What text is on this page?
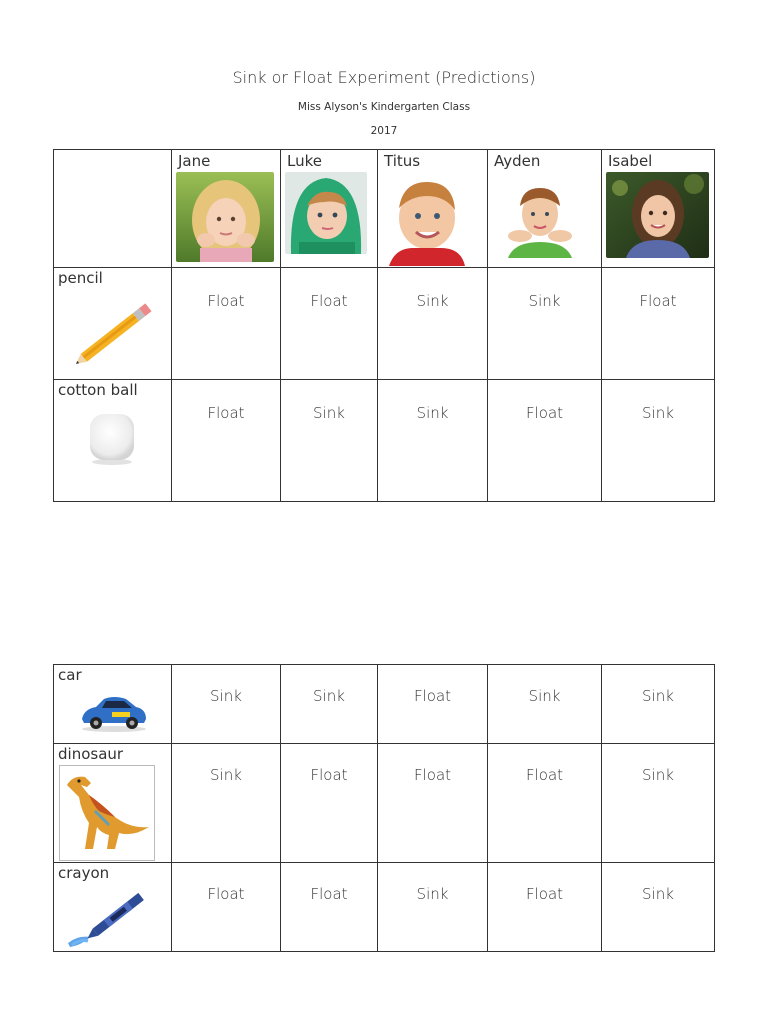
Sink or Float Experiment (Predictions)
Miss Alyson's Kindergarten Class
2017

	Jane	Luke	Titus	Ayden	Isabel

pencil	Float	Float	Sink	Sink	Float

cotton ball	Float	Sink	Sink	Float	Sink
car	Sink	Sink	Float	Sink	Sink

dinosaur	Sink	Float	Float	Float	Sink

crayon	Float	Float	Sink	Float	Sink
